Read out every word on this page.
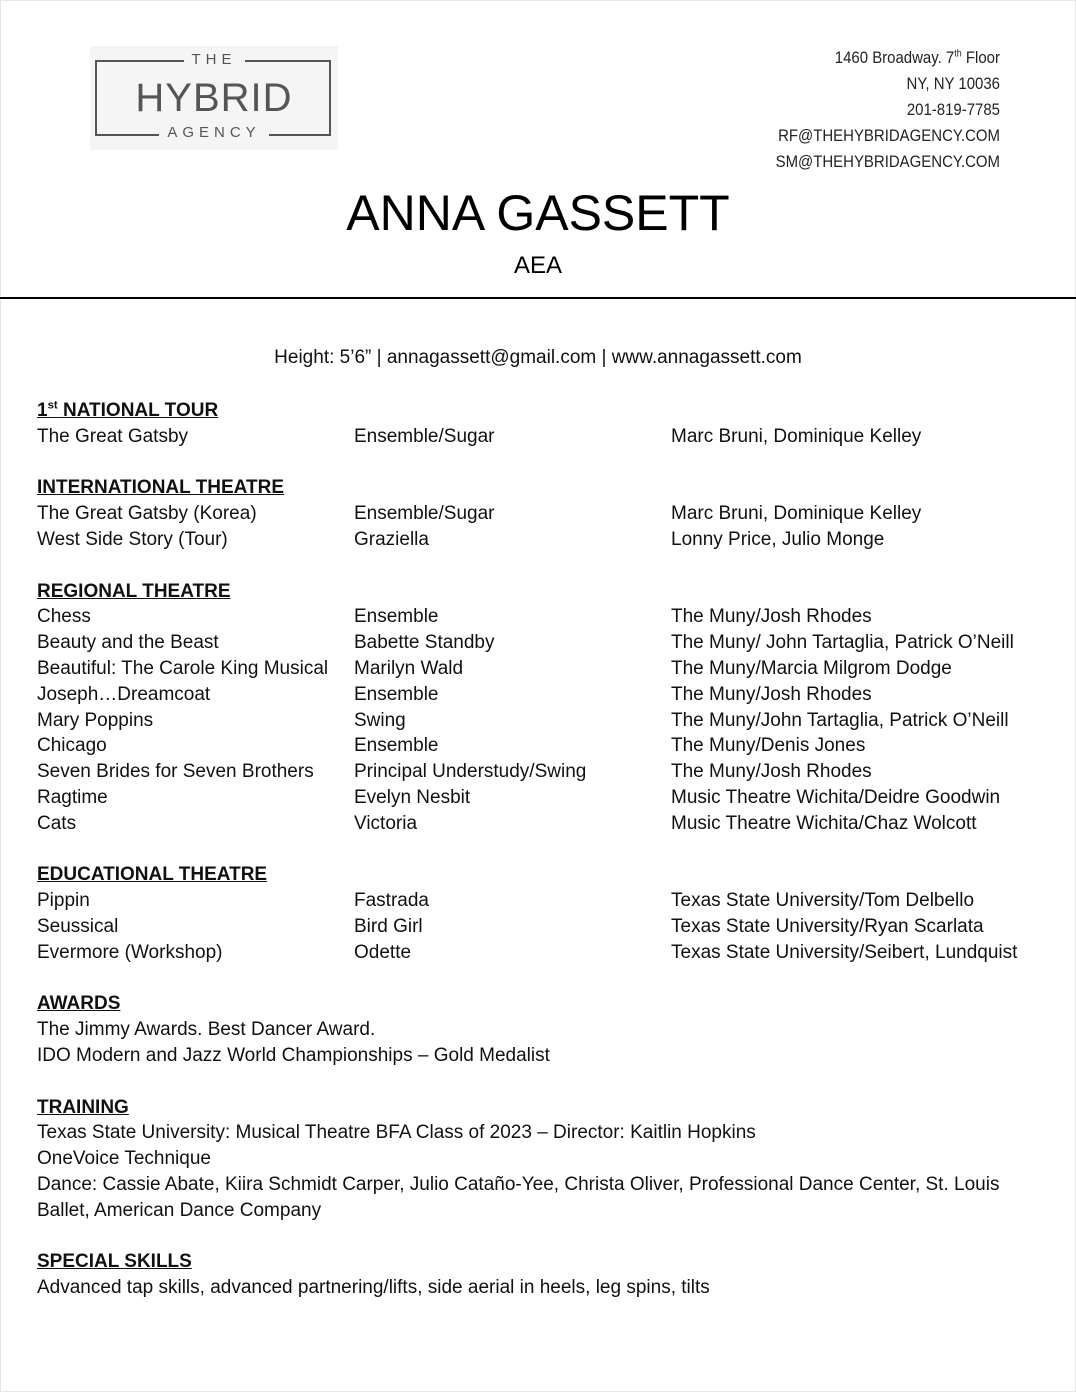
THE
HYBRID
AGENCY
1460 Broadway. 7th Floor
NY, NY 10036
201-819-7785
RF@THEHYBRIDAGENCY.COM
SM@THEHYBRIDAGENCY.COM
ANNA GASSETT
AEA
Height: 5’6” | annagassett@gmail.com | www.annagassett.com
1st NATIONAL TOUR
The Great Gatsby	Ensemble/Sugar	Marc Bruni, Dominique Kelley
INTERNATIONAL THEATRE
The Great Gatsby (Korea)	Ensemble/Sugar	Marc Bruni, Dominique Kelley
West Side Story (Tour)	Graziella	Lonny Price, Julio Monge
REGIONAL THEATRE
Chess	Ensemble	The Muny/Josh Rhodes
Beauty and the Beast	Babette Standby	The Muny/ John Tartaglia, Patrick O’Neill
Beautiful: The Carole King Musical	Marilyn Wald	The Muny/Marcia Milgrom Dodge
Joseph…Dreamcoat	Ensemble	The Muny/Josh Rhodes
Mary Poppins	Swing	The Muny/John Tartaglia, Patrick O’Neill
Chicago	Ensemble	The Muny/Denis Jones
Seven Brides for Seven Brothers	Principal Understudy/Swing	The Muny/Josh Rhodes
Ragtime	Evelyn Nesbit	Music Theatre Wichita/Deidre Goodwin
Cats	Victoria	Music Theatre Wichita/Chaz Wolcott
EDUCATIONAL THEATRE
Pippin	Fastrada	Texas State University/Tom Delbello
Seussical	Bird Girl	Texas State University/Ryan Scarlata
Evermore (Workshop)	Odette	Texas State University/Seibert, Lundquist
AWARDS
The Jimmy Awards. Best Dancer Award.
IDO Modern and Jazz World Championships – Gold Medalist
TRAINING
Texas State University: Musical Theatre BFA Class of 2023 – Director: Kaitlin Hopkins
OneVoice Technique
Dance: Cassie Abate, Kiira Schmidt Carper, Julio Cataño-Yee, Christa Oliver, Professional Dance Center, St. Louis
Ballet, American Dance Company
SPECIAL SKILLS
Advanced tap skills, advanced partnering/lifts, side aerial in heels, leg spins, tilts
